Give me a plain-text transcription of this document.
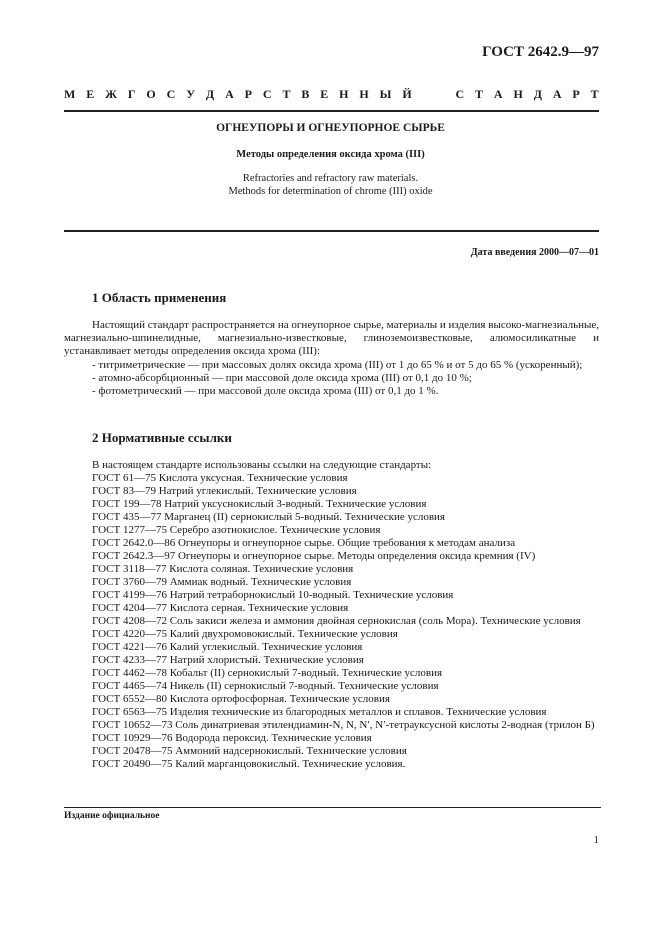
ГОСТ 2642.9—97
М Е Ж Г О С У Д А Р С Т В Е Н Н Ы Й	С Т А Н Д А Р Т
ОГНЕУПОРЫ И ОГНЕУПОРНОЕ СЫРЬЕ
Методы определения оксида хрома (III)
Refractories and refractory raw materials.
Methods for determination of chrome (III) oxide
Дата введения 2000—07—01
1 Область применения

Настоящий стандарт распространяется на огнеупорное сырье, материалы и изделия высоко-магнезиальные, магнезиально-шпинелидные, магнезиально-известковые, глиноземоизвестковые, алюмосиликатные и устанавливает методы определения оксида хрома (III):

- титриметрические — при массовых долях оксида хрома (III) от 1 до 65 % и от 5 до 65 % (ускоренный);

- атомно-абсорбционный — при массовой доле оксида хрома (III) от 0,1 до 10 %;

- фотометрический — при массовой доле оксида хрома (III) от 0,1 до 1 %.

2 Нормативные ссылки

В настоящем стандарте использованы ссылки на следующие стандарты:

ГОСТ 61—75 Кислота уксусная. Технические условия

ГОСТ 83—79 Натрий углекислый. Технические условия

ГОСТ 199—78 Натрий уксуснокислый 3-водный. Технические условия

ГОСТ 435—77 Марганец (II) сернокислый 5-водный. Технические условия

ГОСТ 1277—75 Серебро азотнокислое. Технические условия

ГОСТ 2642.0—86 Огнеупоры и огнеупорное сырье. Общие требования к методам анализа

ГОСТ 2642.3—97 Огнеупоры и огнеупорное сырье. Методы определения оксида кремния (IV)

ГОСТ 3118—77 Кислота соляная. Технические условия

ГОСТ 3760—79 Аммиак водный. Технические условия

ГОСТ 4199—76 Натрий тетраборнокислый 10-водный. Технические условия

ГОСТ 4204—77 Кислота серная. Технические условия

ГОСТ 4208—72 Соль закиси железа и аммония двойная сернокислая (соль Мора). Технические условия

ГОСТ 4220—75 Калий двухромовокислый. Технические условия

ГОСТ 4221—76 Калий углекислый. Технические условия

ГОСТ 4233—77 Натрий хлористый. Технические условия

ГОСТ 4462—78 Кобальт (II) сернокислый 7-водный. Технические условия

ГОСТ 4465—74 Никель (II) сернокислый 7-водный. Технические условия

ГОСТ 6552—80 Кислота ортофосфорная. Технические условия

ГОСТ 6563—75 Изделия технические из благородных металлов и сплавов. Технические условия

ГОСТ 10652—73 Соль динатриевая этилендиамин-N, N, N′, N′-тетрауксусной кислоты 2-водная (трилон Б)

ГОСТ 10929—76 Водорода пероксид. Технические условия

ГОСТ 20478—75 Аммоний надсернокислый. Технические условия

ГОСТ 20490—75 Калий марганцовокислый. Технические условия.

Издание официальное
1
